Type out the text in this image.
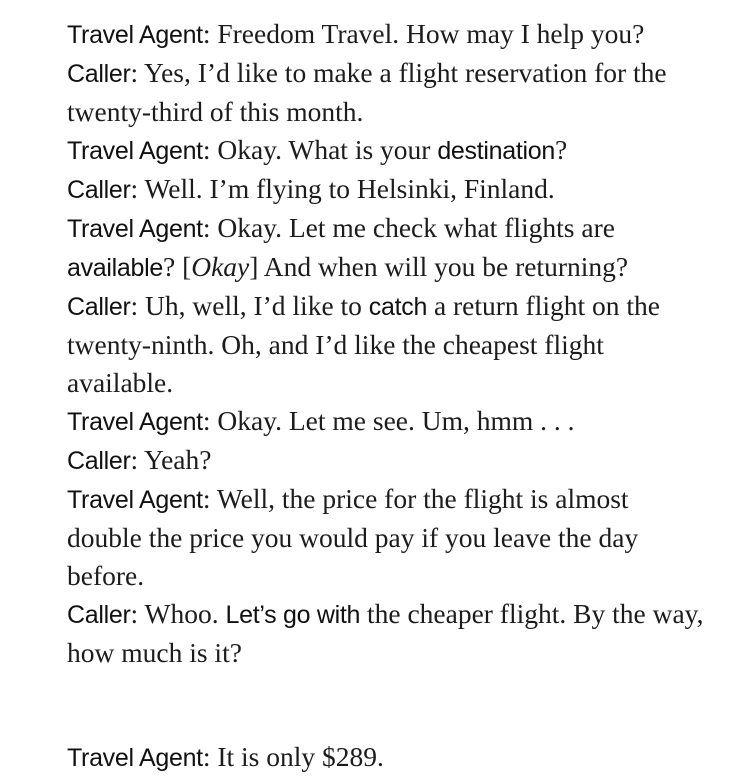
Travel Agent: Freedom Travel. How may I help you?

Caller: Yes, I’d like to make a flight reservation for the twenty-third of this month.

Travel Agent: Okay. What is your destination?

Caller: Well. I’m flying to Helsinki, Finland.

Travel Agent: Okay. Let me check what flights are available? [Okay] And when will you be returning?

Caller: Uh, well, I’d like to catch a return flight on the twenty-ninth. Oh, and I’d like the cheapest flight available.

Travel Agent: Okay. Let me see. Um, hmm . . .

Caller: Yeah?

Travel Agent: Well, the price for the flight is almost double the price you would pay if you leave the day before.

Caller: Whoo. Let’s go with the cheaper flight. By the way, how much is it?

Travel Agent: It is only $289.
